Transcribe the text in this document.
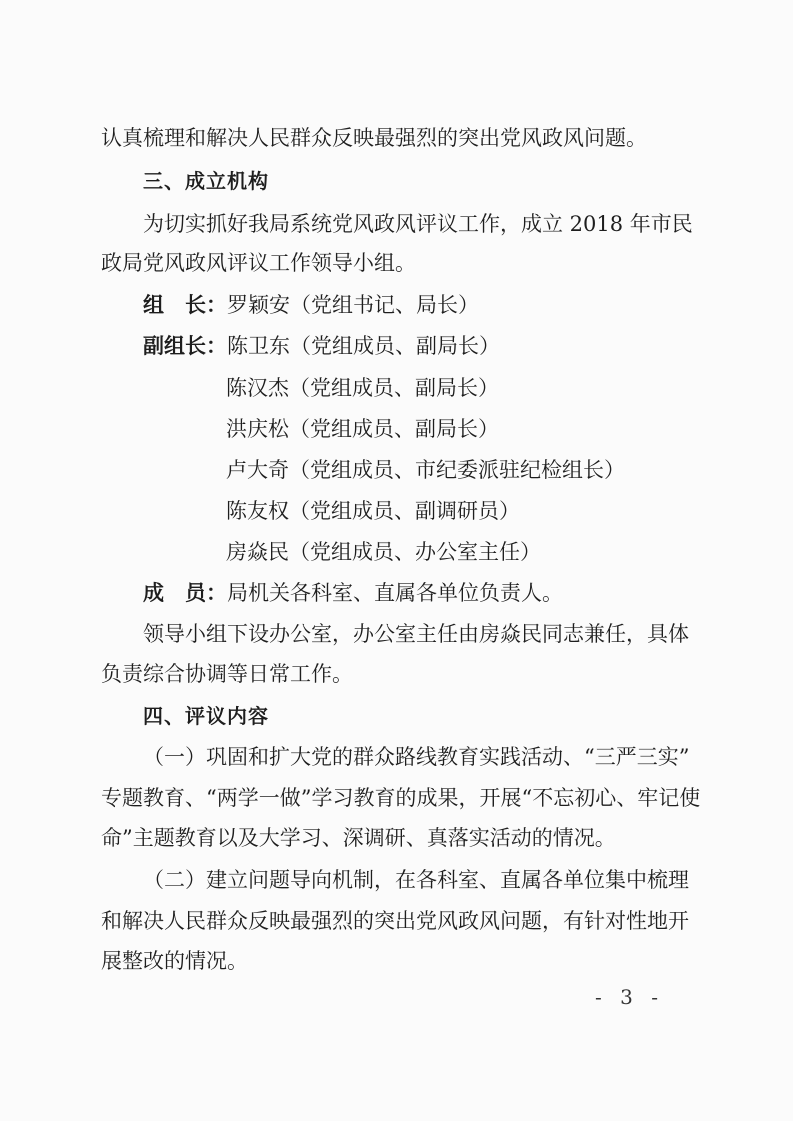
认真梳理和解决人民群众反映最强烈的突出党风政风问题。
三、成立机构
为切实抓好我局系统党风政风评议工作，成立 2018 年市民
政局党风政风评议工作领导小组。
组　长：罗颖安（党组书记、局长）
副组长：陈卫东（党组成员、副局长）
陈汉杰（党组成员、副局长）
洪庆松（党组成员、副局长）
卢大奇（党组成员、市纪委派驻纪检组长）
陈友权（党组成员、副调研员）
房焱民（党组成员、办公室主任）
成　员：局机关各科室、直属各单位负责人。
领导小组下设办公室，办公室主任由房焱民同志兼任，具体
负责综合协调等日常工作。
四、评议内容
（一）巩固和扩大党的群众路线教育实践活动、“三严三实”
专题教育、“两学一做”学习教育的成果，开展“不忘初心、牢记使
命”主题教育以及大学习、深调研、真落实活动的情况。
（二）建立问题导向机制，在各科室、直属各单位集中梳理
和解决人民群众反映最强烈的突出党风政风问题，有针对性地开
展整改的情况。
- 3 -
